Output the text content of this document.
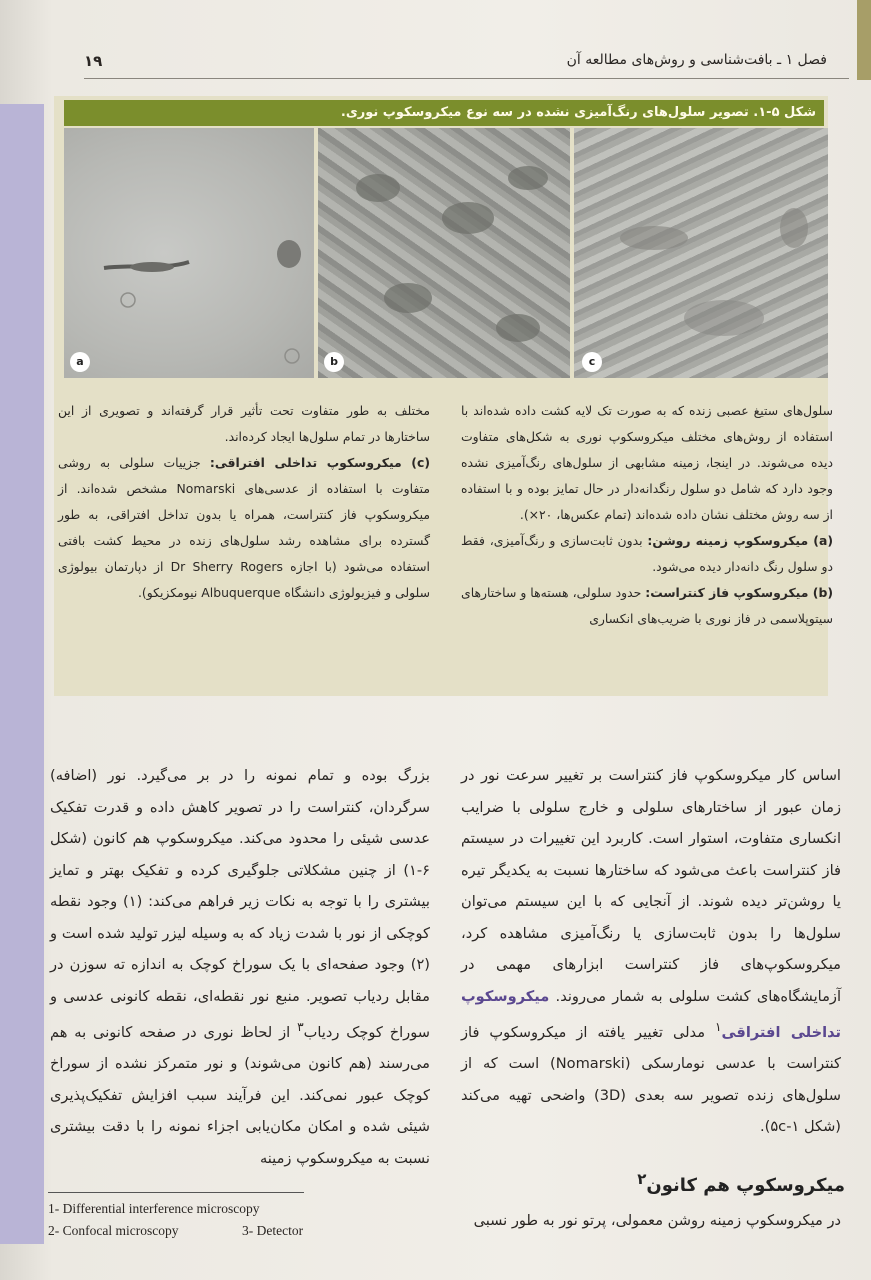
۱۹	فصل ۱ ـ بافت‌شناسی و روش‌های مطالعه آن
شکل ۵-۱. تصویر سلول‌های رنگ‌آمیزی نشده در سه نوع میکروسکوپ نوری.
a	b	c

سلول‌های ستیغ عصبی زنده که به صورت تک لایه کشت داده شده‌اند با استفاده از روش‌های مختلف میکروسکوپ نوری به شکل‌های متفاوت دیده می‌شوند. در اینجا، زمینه مشابهی از سلول‌های رنگ‌آمیزی نشده وجود دارد که شامل دو سلول رنگدانه‌دار در حال تمایز بوده و با استفاده از سه روش مختلف نشان داده شده‌اند (تمام عکس‌ها، ۲۰×).

(a) میکروسکوپ زمینه روشن: بدون ثابت‌سازی و رنگ‌آمیزی، فقط دو سلول رنگ دانه‌دار دیده می‌شود.

(b) میکروسکوپ فاز کنتراست: حدود سلولی، هسته‌ها و ساختارهای سیتوپلاسمی در فاز نوری با ضریب‌های انکساری

مختلف به طور متفاوت تحت تأثیر قرار گرفته‌اند و تصویری از این ساختارها در تمام سلول‌ها ایجاد کرده‌اند.

(c) میکروسکوپ تداخلی افتراقی: جزییات سلولی به روشی متفاوت با استفاده از عدسی‌های Nomarski مشخص شده‌اند. از میکروسکوپ فاز کنتراست، همراه یا بدون تداخل افتراقی، به طور گسترده برای مشاهده رشد سلول‌های زنده در محیط کشت بافتی استفاده می‌شود (با اجازه Dr Sherry Rogers از دپارتمان بیولوژی سلولی و فیزیولوژی دانشگاه Albuquerque نیومکزیکو).

اساس کار میکروسکوپ فاز کنتراست بر تغییر سرعت نور در زمان عبور از ساختارهای سلولی و خارج سلولی با ضرایب انکساری متفاوت، استوار است. کاربرد این تغییرات در سیستم فاز کنتراست باعث می‌شود که ساختارها نسبت به یکدیگر تیره یا روشن‌تر دیده شوند. از آنجایی که با این سیستم می‌توان سلول‌ها را بدون ثابت‌سازی یا رنگ‌آمیزی مشاهده کرد، میکروسکوپ‌های فاز کنتراست ابزارهای مهمی در آزمایشگاه‌های کشت سلولی به شمار می‌روند. میکروسکوپ تداخلی افتراقی$^۱$ مدلی تغییر یافته از میکروسکوپ فاز کنتراست با عدسی نومارسکی (Nomarski) است که از سلول‌های زنده تصویر سه بعدی (3D) واضحی تهیه می‌کند (شکل ۵c-۱).

بزرگ بوده و تمام نمونه را در بر می‌گیرد. نور (اضافه) سرگردان، کنتراست را در تصویر کاهش داده و قدرت تفکیک عدسی شیئی را محدود می‌کند. میکروسکوپ هم کانون (شکل ۶-۱) از چنین مشکلاتی جلوگیری کرده و تفکیک بهتر و تمایز بیشتری را با توجه به نکات زیر فراهم می‌کند: (۱) وجود نقطه کوچکی از نور با شدت زیاد که به وسیله لیزر تولید شده است و (۲) وجود صفحه‌ای با یک سوراخ کوچک به اندازه ته سوزن در مقابل ردیاب تصویر. منبع نور نقطه‌ای، نقطه کانونی عدسی و سوراخ کوچک ردیاب$^۳$ از لحاظ نوری در صفحه کانونی به هم می‌رسند (هم کانون می‌شوند) و نور متمرکز نشده از سوراخ کوچک عبور نمی‌کند. این فرآیند سبب افزایش تفکیک‌پذیری شیئی شده و امکان مکان‌یابی اجزاء نمونه را با دقت بیشتری نسبت به میکروسکوپ زمینه

میکروسکوپ هم کانون$^۲$
در میکروسکوپ زمینه روشن معمولی، پرتو نور به طور نسبی
1- Differential interference microscopy
2- Confocal microscopy	3- Detector
